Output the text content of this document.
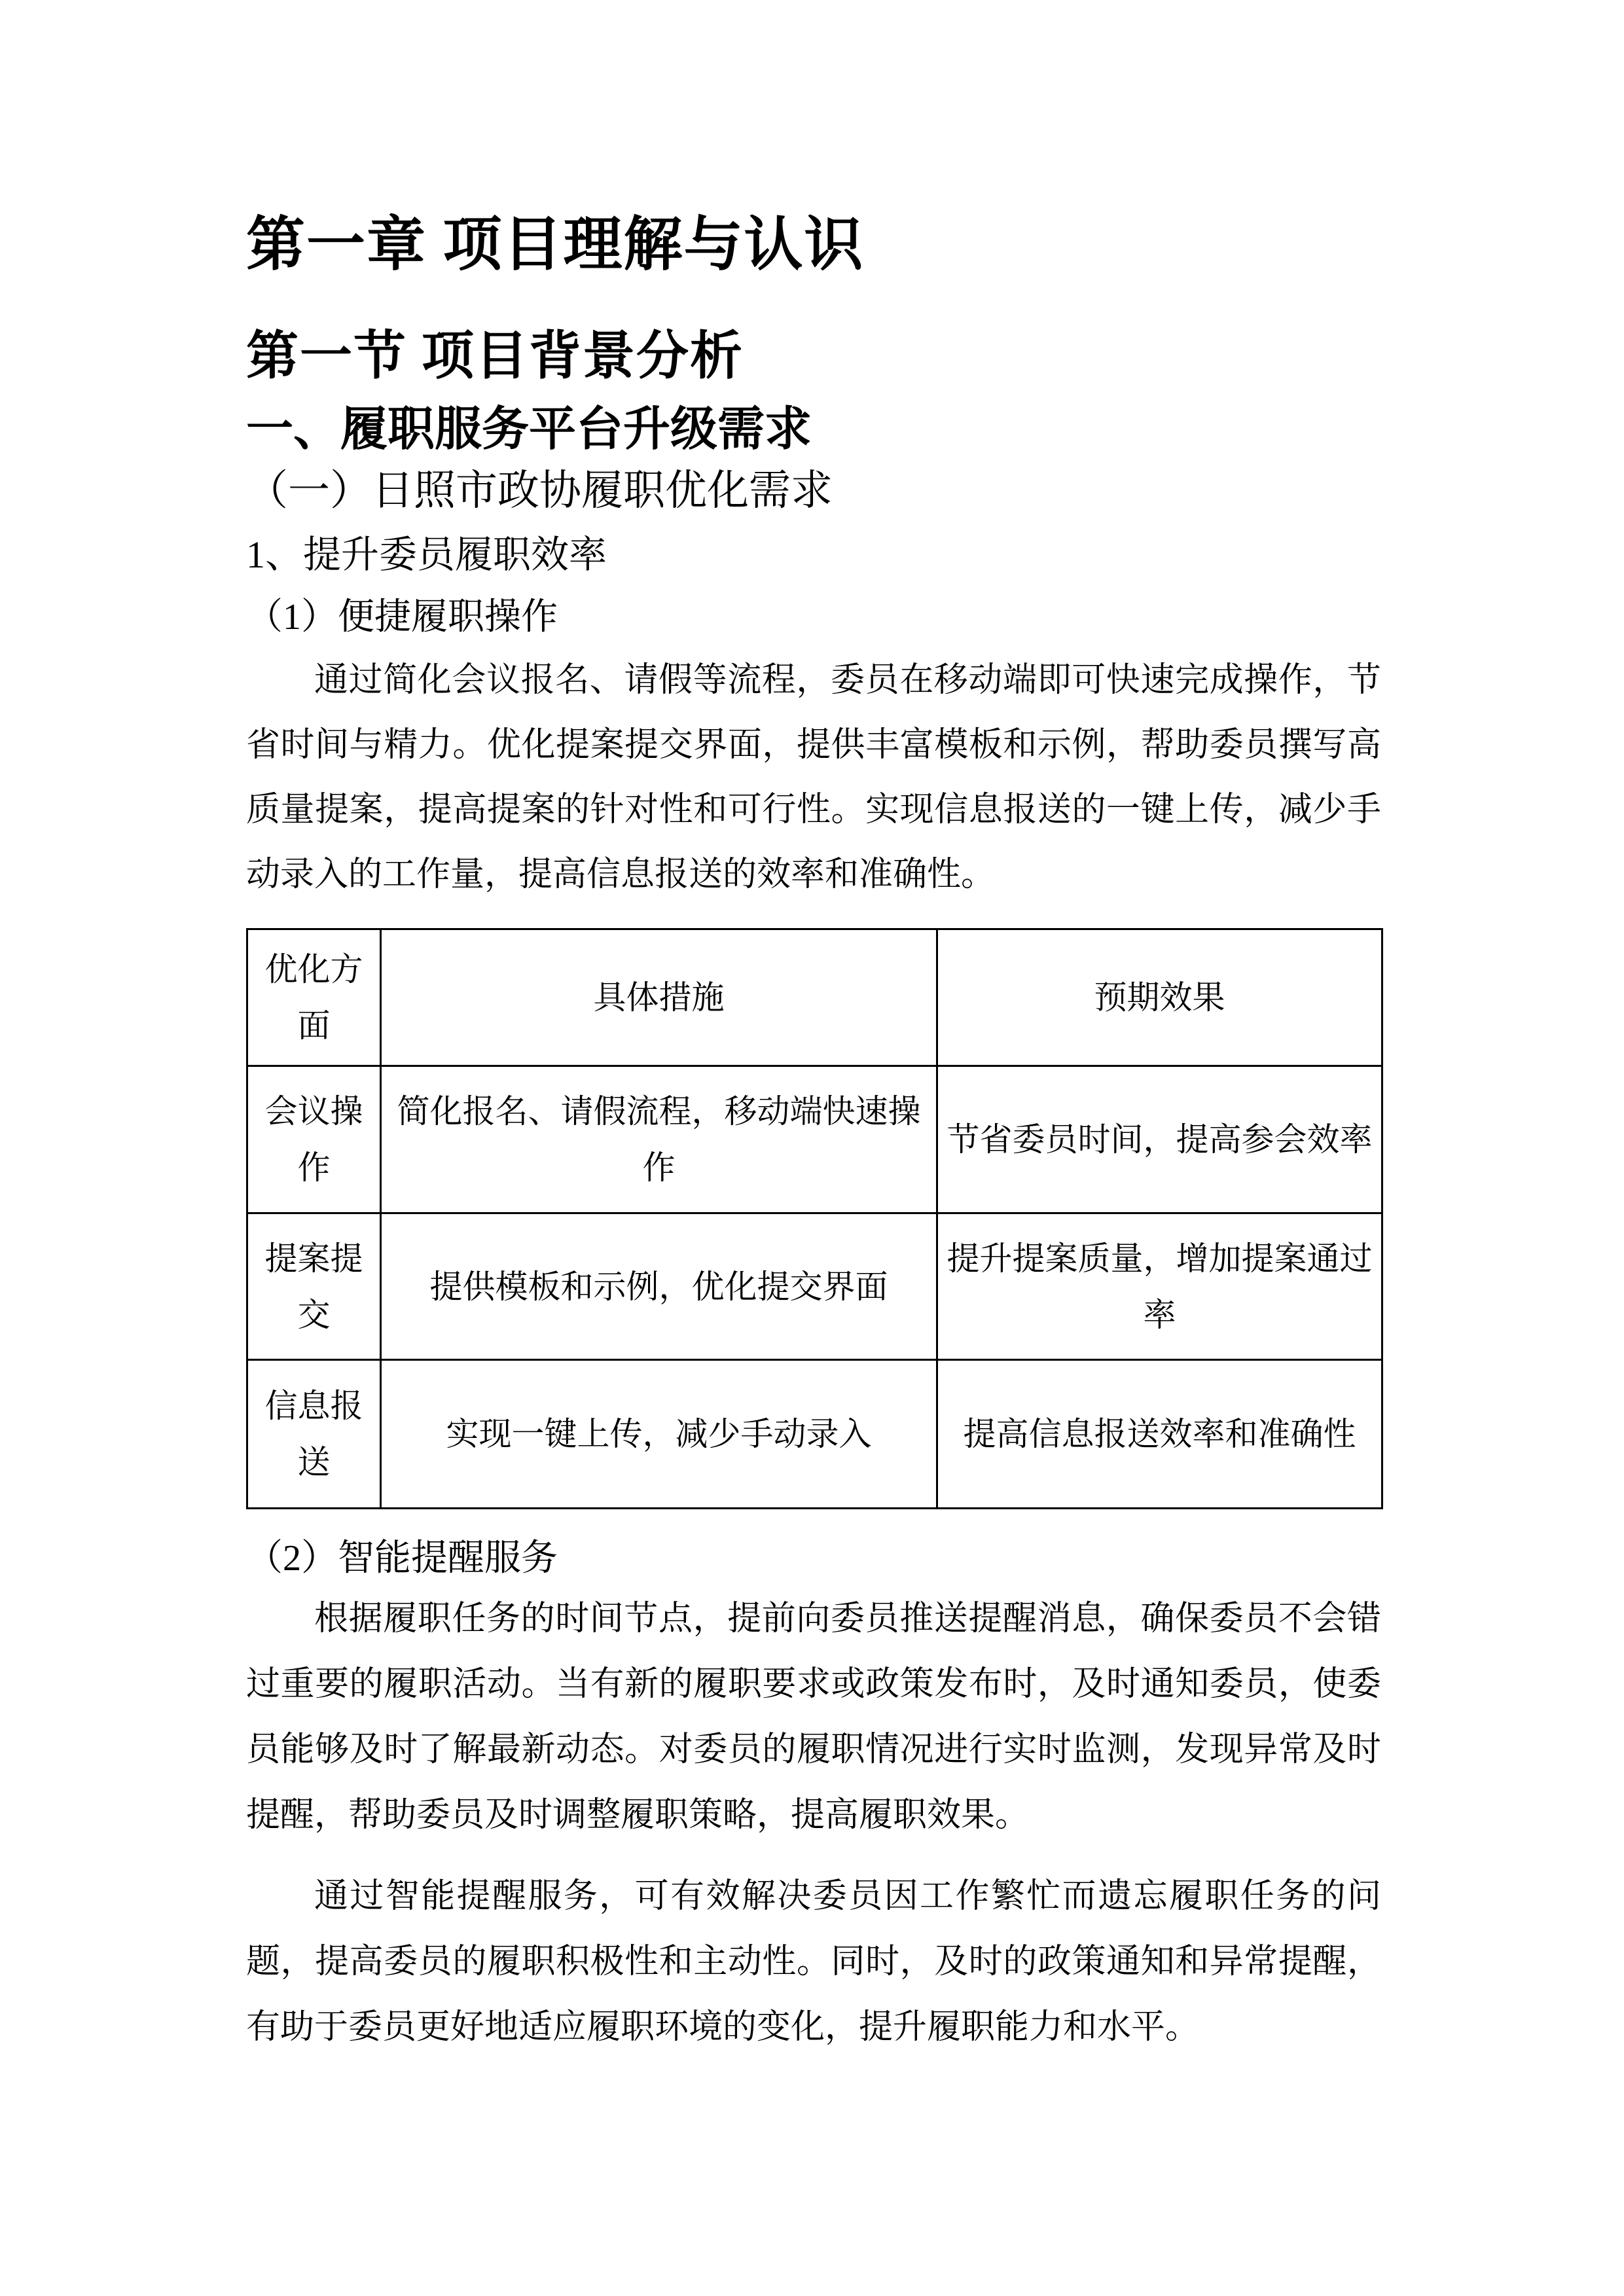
第一章 项目理解与认识
第一节 项目背景分析
一、履职服务平台升级需求
（一）日照市政协履职优化需求
1、提升委员履职效率
（1）便捷履职操作

通过简化会议报名、请假等流程，委员在移动端即可快速完成操作，节省时间与精力。优化提案提交界面，提供丰富模板和示例，帮助委员撰写高质量提案，提高提案的针对性和可行性。实现信息报送的一键上传，减少手动录入的工作量，提高信息报送的效率和准确性。

优化方面	具体措施	预期效果
会议操作	简化报名、请假流程，移动端快速操作	节省委员时间，提高参会效率
提案提交	提供模板和示例，优化提交界面	提升提案质量，增加提案通过率
信息报送	实现一键上传，减少手动录入	提高信息报送效率和准确性
（2）智能提醒服务

根据履职任务的时间节点，提前向委员推送提醒消息，确保委员不会错过重要的履职活动。当有新的履职要求或政策发布时，及时通知委员，使委员能够及时了解最新动态。对委员的履职情况进行实时监测，发现异常及时提醒，帮助委员及时调整履职策略，提高履职效果。

通过智能提醒服务，可有效解决委员因工作繁忙而遗忘履职任务的问题，提高委员的履职积极性和主动性。同时，及时的政策通知和异常提醒，有助于委员更好地适应履职环境的变化，提升履职能力和水平。
